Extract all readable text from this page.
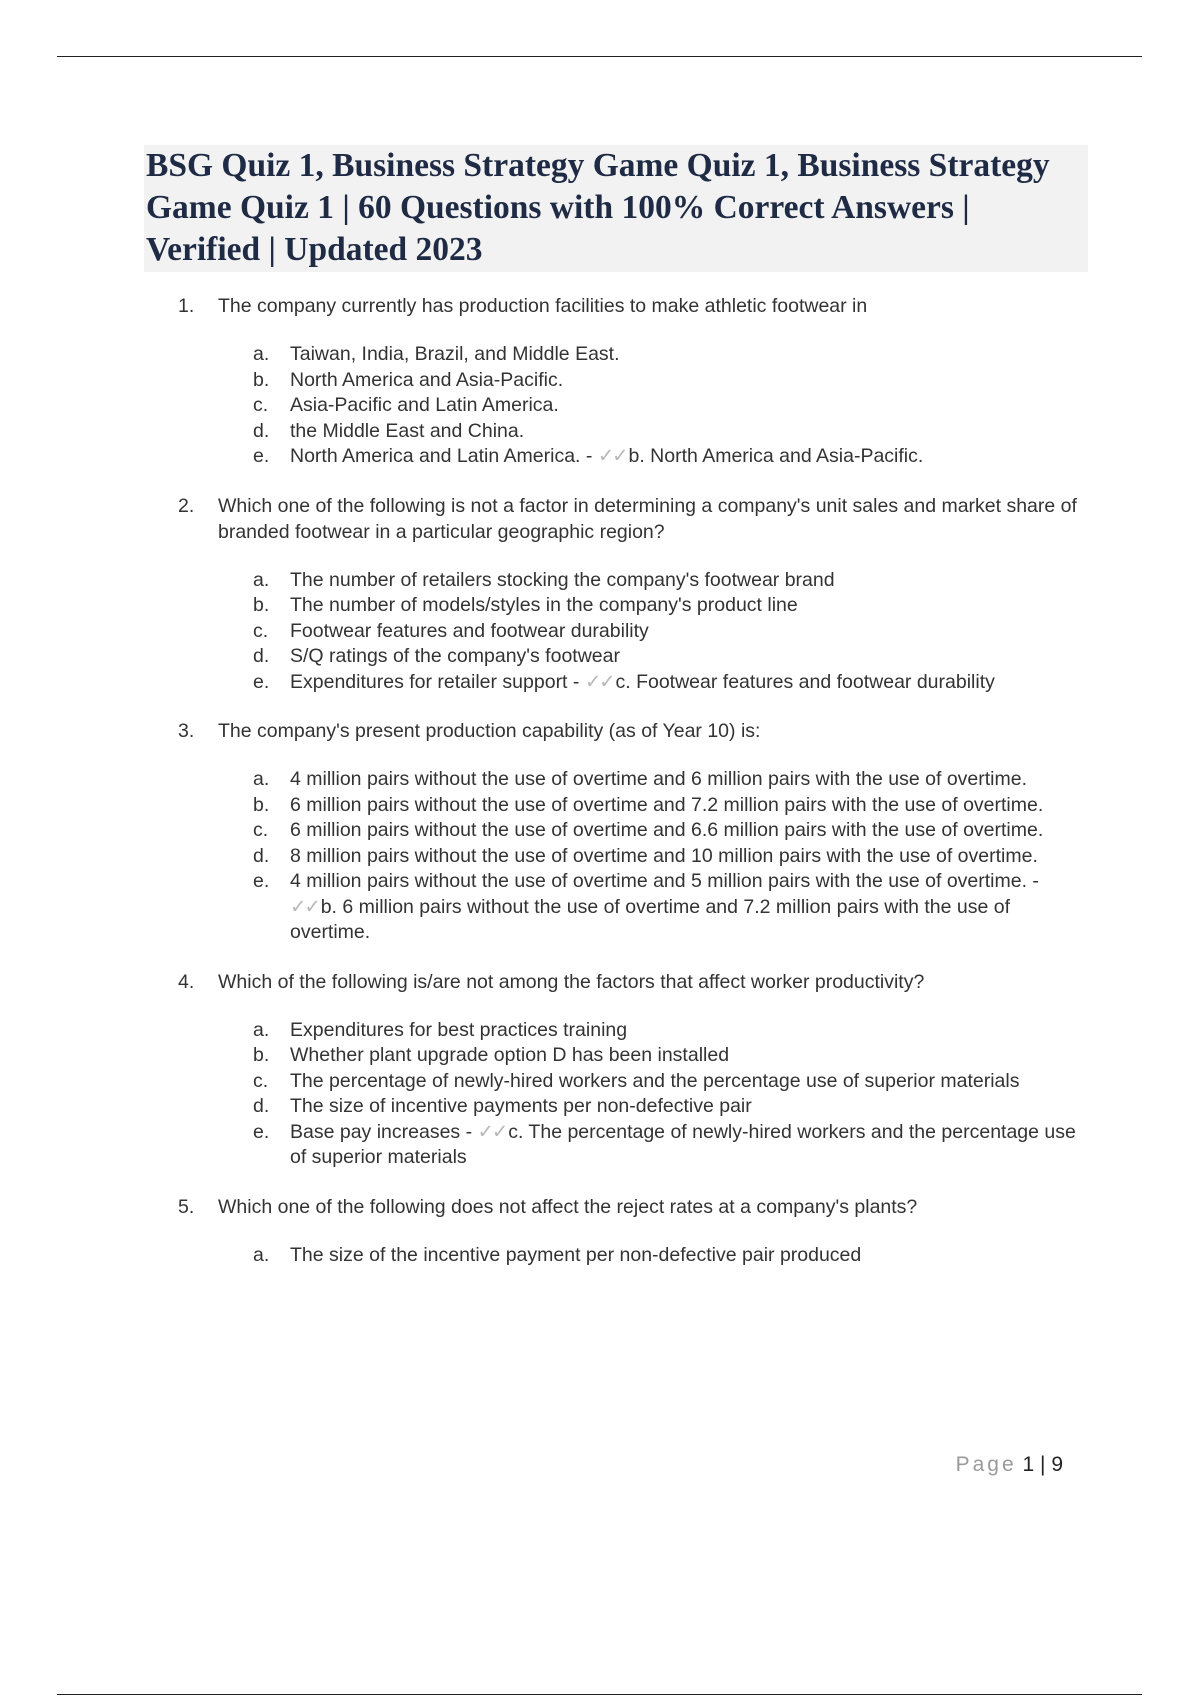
BSG Quiz 1, Business Strategy Game Quiz 1, Business Strategy Game Quiz 1 | 60 Questions with 100% Correct Answers | Verified | Updated 2023
1.	The company currently has production facilities to make athletic footwear in
a.	Taiwan, India, Brazil, and Middle East.
b.	North America and Asia-Pacific.
c.	Asia-Pacific and Latin America.
d.	the Middle East and China.
e.	North America and Latin America. - ✓✓ b. North America and Asia-Pacific.
2.	Which one of the following is not a factor in determining a company's unit sales and market share of branded footwear in a particular geographic region?
a.	The number of retailers stocking the company's footwear brand
b.	The number of models/styles in the company's product line
c.	Footwear features and footwear durability
d.	S/Q ratings of the company's footwear
e.	Expenditures for retailer support - ✓✓ c. Footwear features and footwear durability
3.	The company's present production capability (as of Year 10) is:
a.	4 million pairs without the use of overtime and 6 million pairs with the use of overtime.
b.	6 million pairs without the use of overtime and 7.2 million pairs with the use of overtime.
c.	6 million pairs without the use of overtime and 6.6 million pairs with the use of overtime.
d.	8 million pairs without the use of overtime and 10 million pairs with the use of overtime.
e.	4 million pairs without the use of overtime and 5 million pairs with the use of overtime. - ✓✓ b. 6 million pairs without the use of overtime and 7.2 million pairs with the use of overtime.
4.	Which of the following is/are not among the factors that affect worker productivity?
a.	Expenditures for best practices training
b.	Whether plant upgrade option D has been installed
c.	The percentage of newly-hired workers and the percentage use of superior materials
d.	The size of incentive payments per non-defective pair
e.	Base pay increases - ✓✓ c. The percentage of newly-hired workers and the percentage use of superior materials
5.	Which one of the following does not affect the reject rates at a company's plants?
a.	The size of the incentive payment per non-defective pair produced
Page 1 | 9
